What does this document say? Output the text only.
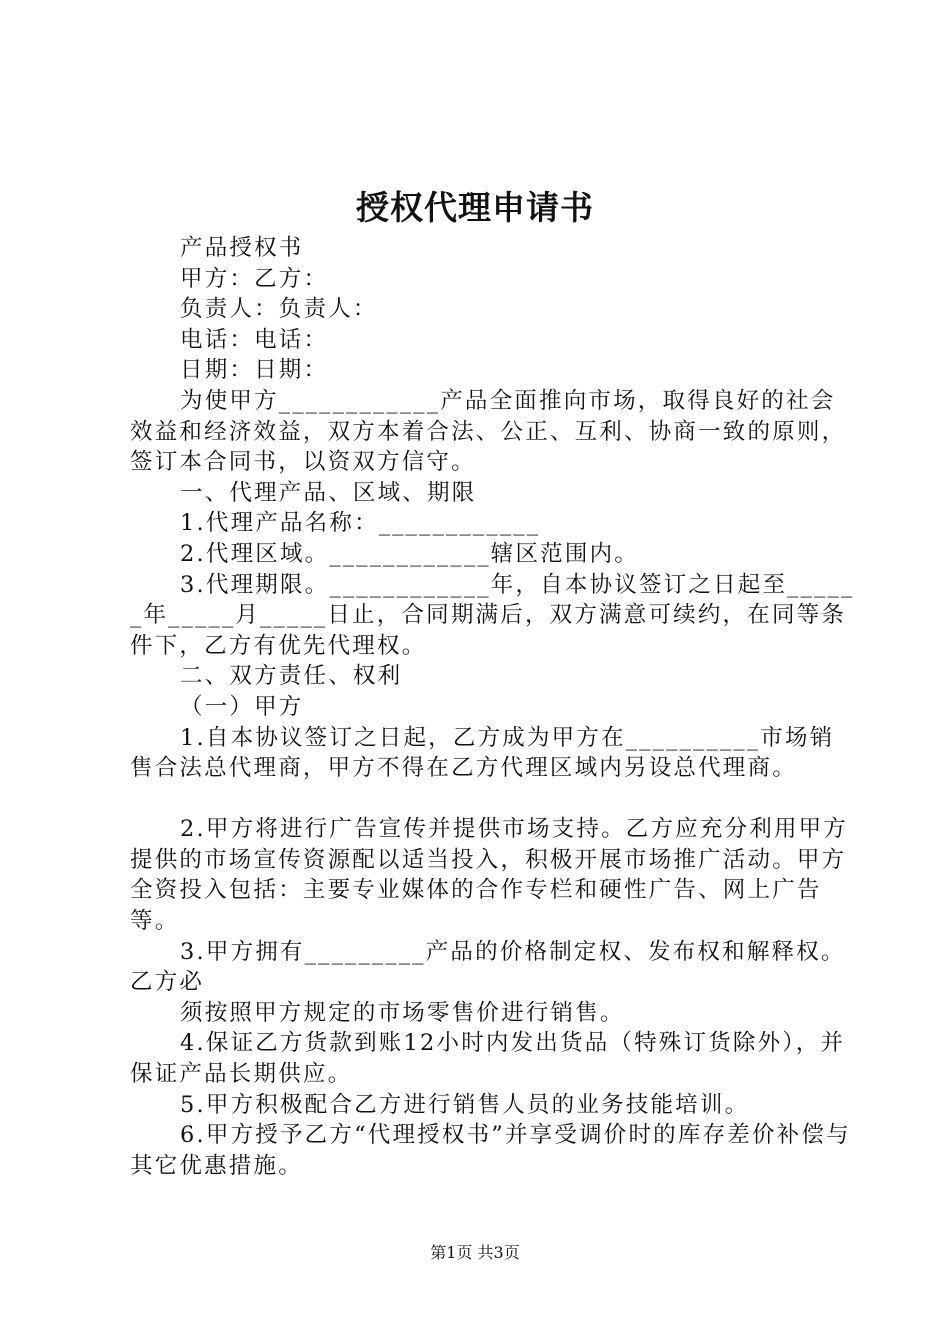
授权代理申请书

产品授权书

甲方：乙方：

负责人：负责人：

电话：电话：

日期：日期：

为使甲方____________产品全面推向市场，取得良好的社会效益和经济效益，双方本着合法、公正、互利、协商一致的原则，签订本合同书，以资双方信守。

一、代理产品、区域、期限

1.代理产品名称：____________

2.代理区域。____________辖区范围内。

3.代理期限。____________年，自本协议签订之日起至______年_____月_____日止，合同期满后，双方满意可续约，在同等条件下，乙方有优先代理权。

二、双方责任、权利

（一）甲方

1.自本协议签订之日起，乙方成为甲方在__________市场销售合法总代理商，甲方不得在乙方代理区域内另设总代理商。

2.甲方将进行广告宣传并提供市场支持。乙方应充分利用甲方提供的市场宣传资源配以适当投入，积极开展市场推广活动。甲方全资投入包括：主要专业媒体的合作专栏和硬性广告、网上广告等。

3.甲方拥有_________产品的价格制定权、发布权和解释权。乙方必

须按照甲方规定的市场零售价进行销售。

4.保证乙方货款到账12小时内发出货品（特殊订货除外），并保证产品长期供应。

5.甲方积极配合乙方进行销售人员的业务技能培训。

6.甲方授予乙方“代理授权书”并享受调价时的库存差价补偿与其它优惠措施。

第1页 共3页
